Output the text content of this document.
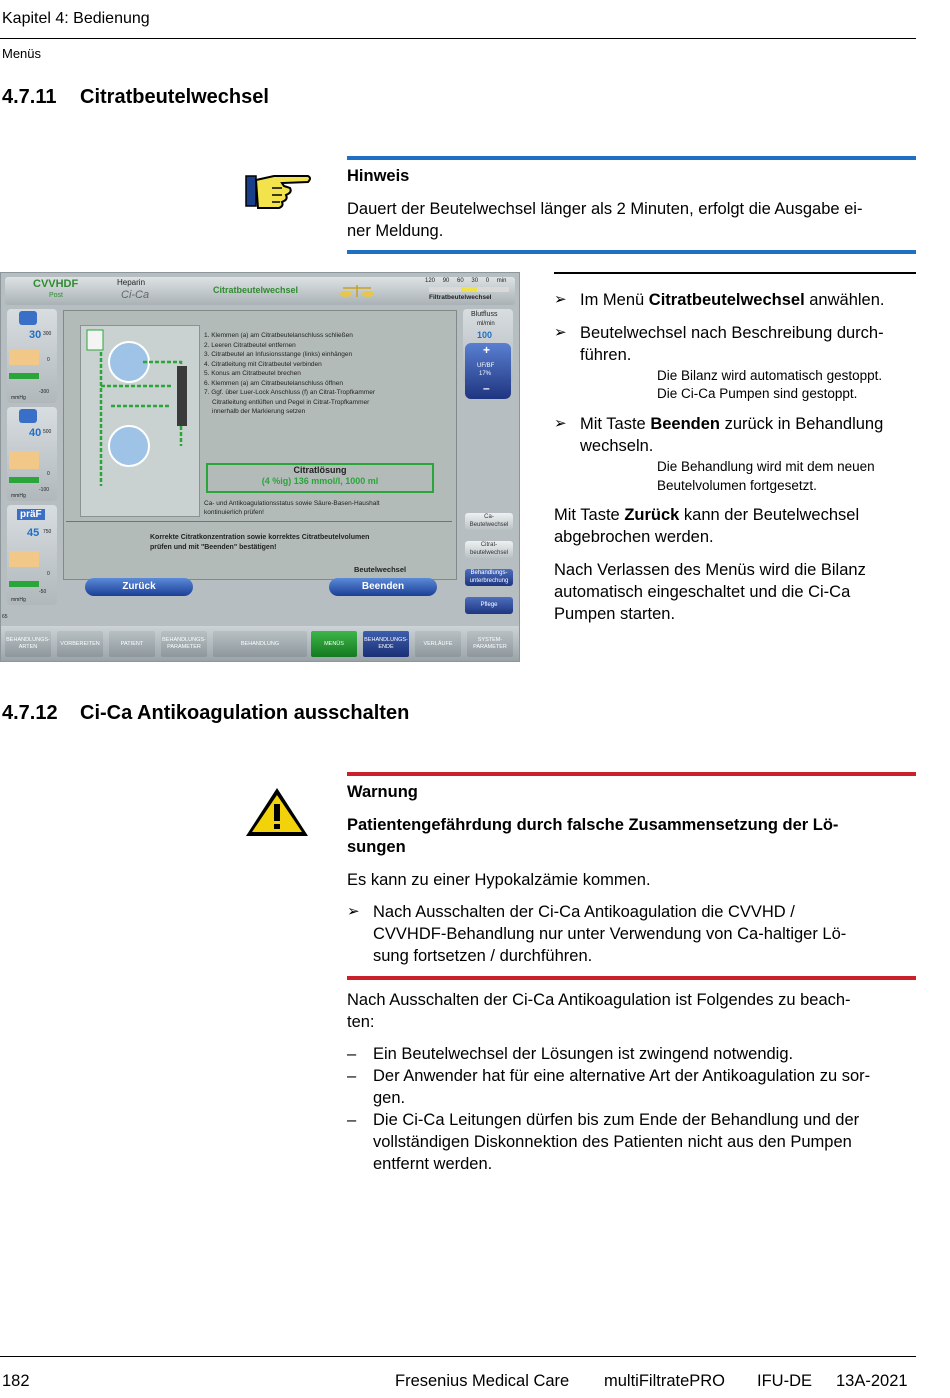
Kapitel 4: Bedienung
Menüs
4.7.11 Citratbeutelwechsel
Hinweis
Dauert der Beutelwechsel länger als 2 Minuten, erfolgt die Ausgabe ei-
ner Meldung.
CVVHDF
Post
Heparin
Ci-Ca	Citratbeutelwechsel
120 90 60 30 0 min
Filtratbeutelwechsel
30 300
0
-300
mmHg
40 500
0
-100
mmHg
präF
45 750
0
-50
mmHg
1. Klemmen (a) am Citratbeutelanschluss schließen
2. Leeren Citratbeutel entfernen
3. Citratbeutel an Infusionsstange (links) einhängen
4. Citratleitung mit Citratbeutel verbinden
5. Konus am Citratbeutel brechen
6. Klemmen (a) am Citratbeutelanschluss öffnen
7. Ggf. über Luer-Lock Anschluss (f) an Citrat-Tropfkammer
Citratleitung entlüften und Pegel in Citrat-Tropfkammer
innerhalb der Markierung setzen
Citratlösung
(4 %ig) 136 mmol/l, 1000 ml
Ca- und Antikoagulationsstatus sowie Säure-Basen-Haushalt
kontinuierlich prüfen!
Korrekte Citratkonzentration sowie korrektes Citratbeutelvolumen
prüfen und mit "Beenden" bestätigen!
Beutelwechsel
Zurück	Beenden
Blutfluss
ml/min
100
+
UF/BF
17%
–
Ca-Beutelwechsel
Citrat-beutelwechsel
Behandlungs-unterbrechung
Pflege
65
BEHANDLUNGS-ARTEN
VORBEREITEN	PATIENT
BEHANDLUNGS-PARAMETER
BEHANDLUNG	MENÜS
BEHANDLUNGS-ENDE
VERLÄUFE
SYSTEM-PARAMETER
➢ Im Menü Citratbeutelwechsel anwählen.
➢ Beutelwechsel nach Beschreibung durch-
führen.
Die Bilanz wird automatisch gestoppt.
Die Ci-Ca Pumpen sind gestoppt.
➢ Mit Taste Beenden zurück in Behandlung
wechseln.
Die Behandlung wird mit dem neuen
Beutelvolumen fortgesetzt.
Mit Taste Zurück kann der Beutelwechsel
abgebrochen werden.
Nach Verlassen des Menüs wird die Bilanz
automatisch eingeschaltet und die Ci-Ca
Pumpen starten.
4.7.12 Ci-Ca Antikoagulation ausschalten
Warnung
Patientengefährdung durch falsche Zusammensetzung der Lö-
sungen
Es kann zu einer Hypokalzämie kommen.
➢ Nach Ausschalten der Ci-Ca Antikoagulation die CVVHD /
CVVHDF-Behandlung nur unter Verwendung von Ca-haltiger Lö-
sung fortsetzen / durchführen.
Nach Ausschalten der Ci-Ca Antikoagulation ist Folgendes zu beach-
ten:
– Ein Beutelwechsel der Lösungen ist zwingend notwendig.
– Der Anwender hat für eine alternative Art der Antikoagulation zu sor-
gen.
– Die Ci-Ca Leitungen dürfen bis zum Ende der Behandlung und der
vollständigen Diskonnektion des Patienten nicht aus den Pumpen
entfernt werden.
182	Fresenius Medical Care multiFiltratePRO IFU-DE 13A-2021
